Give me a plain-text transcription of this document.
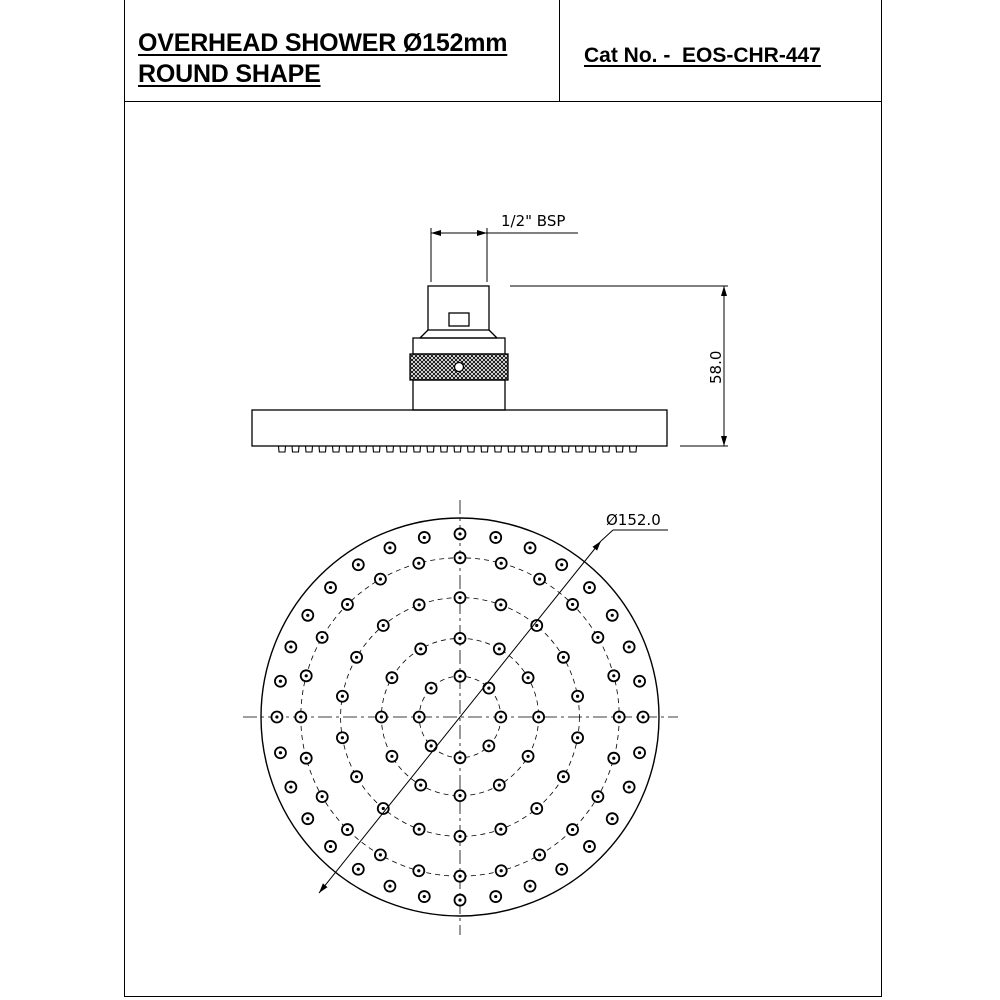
OVERHEAD SHOWER Ø152mm
ROUND SHAPE
Cat No. -  EOS-CHR-447
1/2" BSP
58.0
Ø152.0
